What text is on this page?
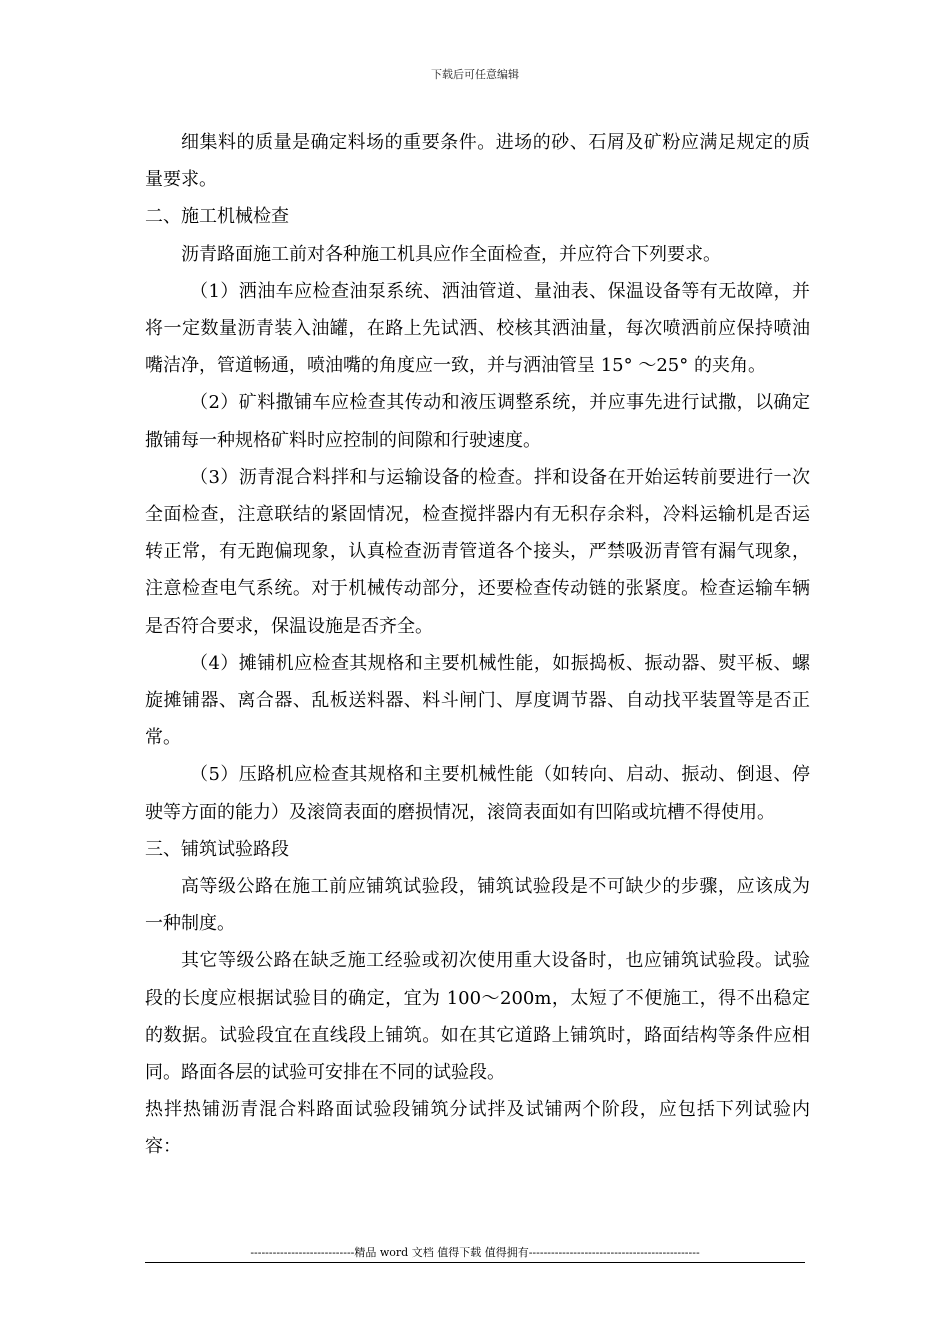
下载后可任意编辑

细集料的质量是确定料场的重要条件。进场的砂、石屑及矿粉应满足规定的质量要求。

二、施工机械检查

沥青路面施工前对各种施工机具应作全面检查，并应符合下列要求。

（1）洒油车应检查油泵系统、洒油管道、量油表、保温设备等有无故障，并将一定数量沥青装入油罐，在路上先试洒、校核其洒油量，每次喷洒前应保持喷油嘴洁净，管道畅通，喷油嘴的角度应一致，并与洒油管呈 15° ～25° 的夹角。

（2）矿料撒铺车应检查其传动和液压调整系统，并应事先进行试撒，以确定撒铺每一种规格矿料时应控制的间隙和行驶速度。

（3）沥青混合料拌和与运输设备的检查。拌和设备在开始运转前要进行一次全面检查，注意联结的紧固情况，检查搅拌器内有无积存余料，冷料运输机是否运转正常，有无跑偏现象，认真检查沥青管道各个接头，严禁吸沥青管有漏气现象，注意检查电气系统。对于机械传动部分，还要检查传动链的张紧度。检查运输车辆是否符合要求，保温设施是否齐全。

（4）摊铺机应检查其规格和主要机械性能，如振捣板、振动器、熨平板、螺旋摊铺器、离合器、乱板送料器、料斗闸门、厚度调节器、自动找平装置等是否正常。

（5）压路机应检查其规格和主要机械性能（如转向、启动、振动、倒退、停驶等方面的能力）及滚筒表面的磨损情况，滚筒表面如有凹陷或坑槽不得使用。

三、铺筑试验路段

高等级公路在施工前应铺筑试验段，铺筑试验段是不可缺少的步骤，应该成为一种制度。

其它等级公路在缺乏施工经验或初次使用重大设备时，也应铺筑试验段。试验段的长度应根据试验目的确定，宜为 100～200m，太短了不便施工，得不出稳定的数据。试验段宜在直线段上铺筑。如在其它道路上铺筑时，路面结构等条件应相同。路面各层的试验可安排在不同的试验段。

热拌热铺沥青混合料路面试验段铺筑分试拌及试铺两个阶段，应包括下列试验内容：

----------------------------精品 word 文档 值得下载 值得拥有----------------------------------------------
